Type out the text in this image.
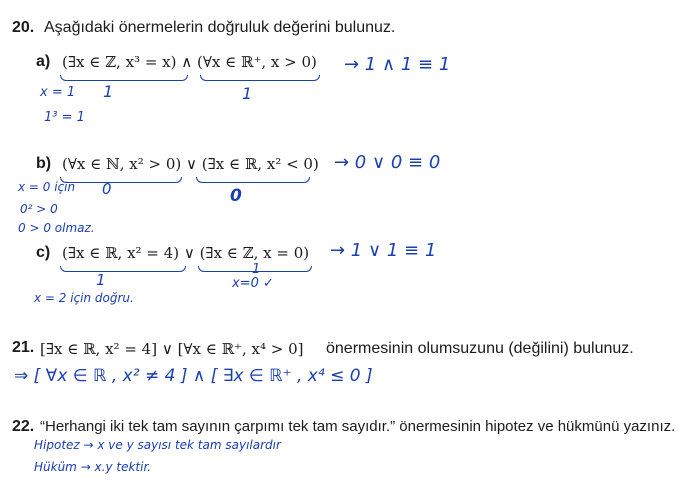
20. Aşağıdaki önermelerin doğruluk değerini bulunuz.
a) (∃x ∈ ℤ, x³ = x) ∧ (∀x ∈ ℝ⁺, x > 0) → 1 ∧ 1 ≡ 1
1	1
x = 1
1³ = 1
b) (∀x ∈ ℕ, x² > 0) ∨ (∃x ∈ ℝ, x² < 0) → 0 ∨ 0 ≡ 0
0	0
x = 0 için
0² > 0
0 > 0 olmaz.
c) (∃x ∈ ℝ, x² = 4) ∨ (∃x ∈ ℤ, x = 0) → 1 ∨ 1 ≡ 1
1
1
x=0 ✓
x = 2 için doğru.
21. [∃x ∈ ℝ, x² = 4] ∨ [∀x ∈ ℝ⁺, x⁴ > 0] önermesinin olumsuzunu (değilini) bulunuz.
⇒ [ ∀x ∈ ℝ , x² ≠ 4 ] ∧ [ ∃x ∈ ℝ⁺ , x⁴ ≤ 0 ]
22. “Herhangi iki tek tam sayının çarpımı tek tam sayıdır.” önermesinin hipotez ve hükmünü yazınız.
Hipotez → x ve y sayısı tek tam sayılardır
Hüküm → x.y tektir.
